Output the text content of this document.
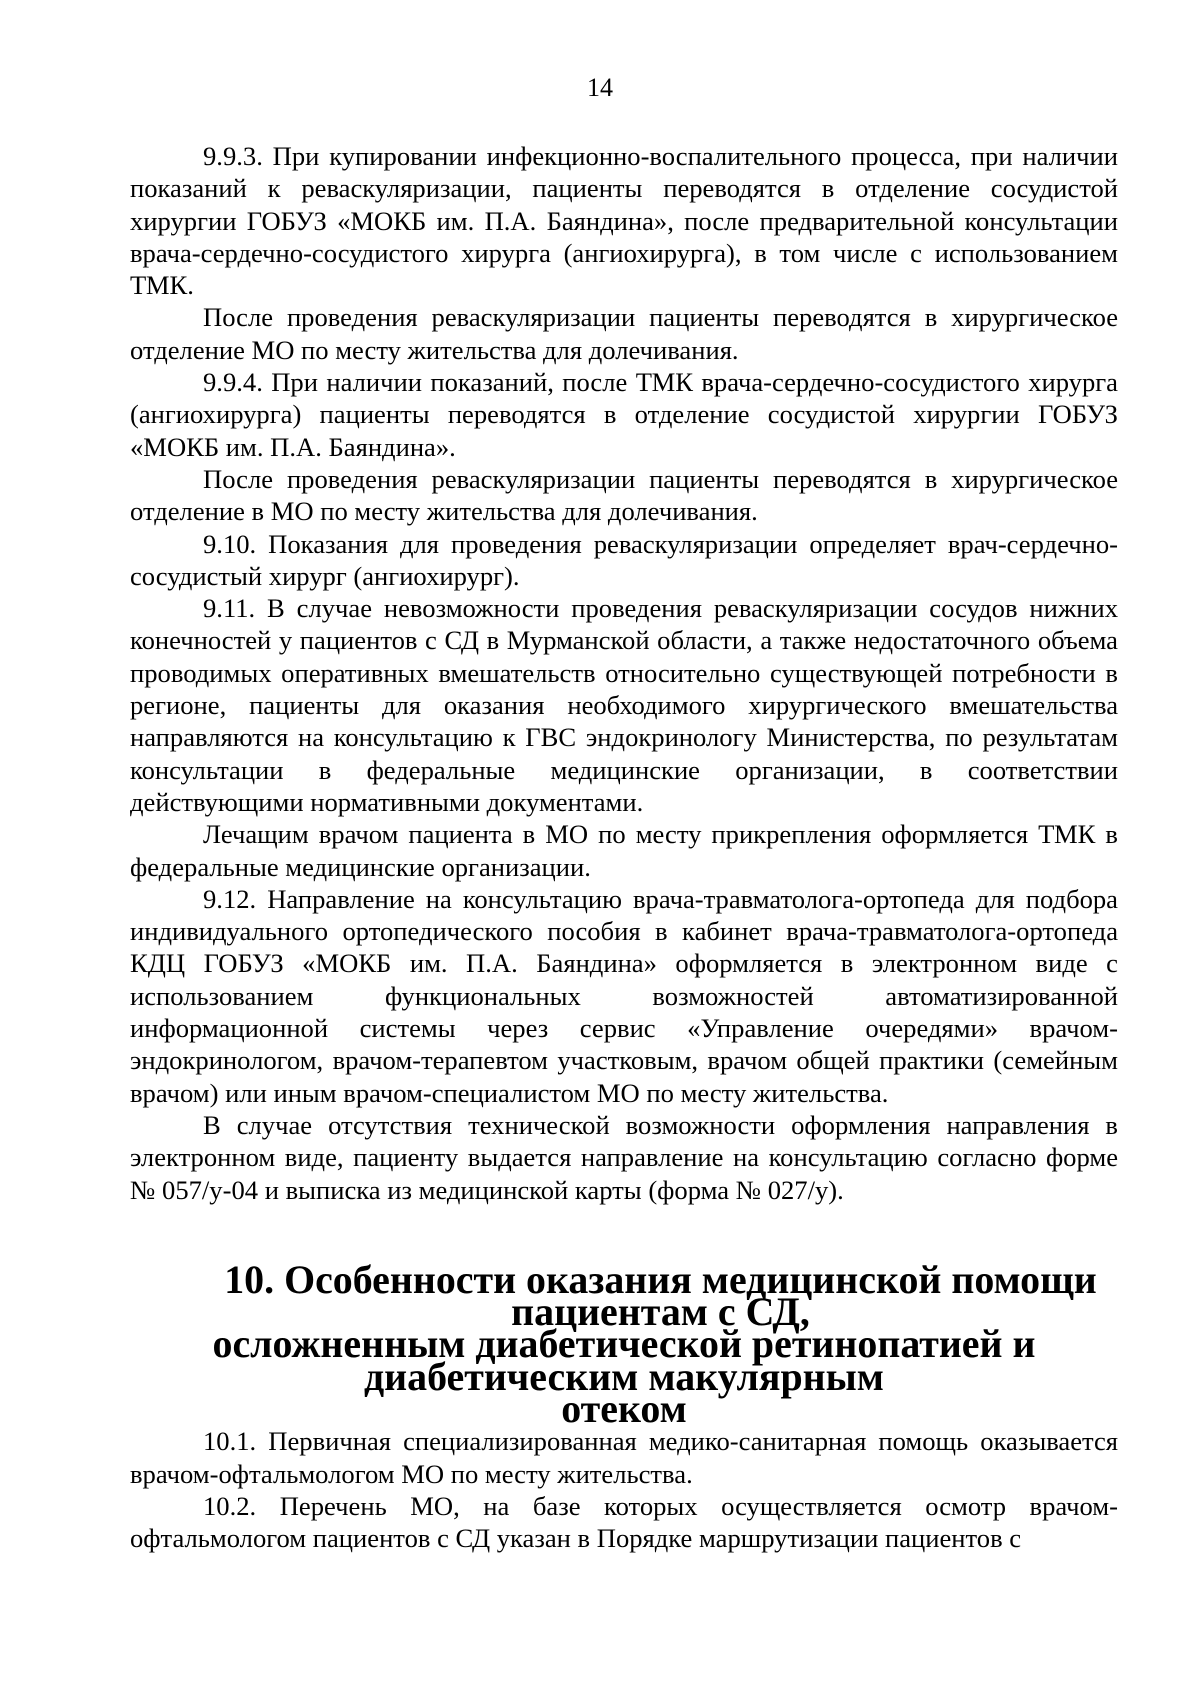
14

9.9.3. При купировании инфекционно-воспалительного процесса, при наличии показаний к реваскуляризации, пациенты переводятся в отделение сосудистой хирургии ГОБУЗ «МОКБ им. П.А. Баяндина», после предварительной консультации врача-сердечно-сосудистого хирурга (ангиохирурга), в том числе с использованием ТМК.

После проведения реваскуляризации пациенты переводятся в хирургическое отделение МО по месту жительства для долечивания.

9.9.4. При наличии показаний, после ТМК врача-сердечно-сосудистого хирурга (ангиохирурга) пациенты переводятся в отделение сосудистой хирургии ГОБУЗ «МОКБ им. П.А. Баяндина».

После проведения реваскуляризации пациенты переводятся в хирургическое отделение в МО по месту жительства для долечивания.

9.10. Показания для проведения реваскуляризации определяет врач-сердечно-сосудистый хирург (ангиохирург).

9.11. В случае невозможности проведения реваскуляризации сосудов нижних конечностей у пациентов с СД в Мурманской области, а также недостаточного объема проводимых оперативных вмешательств относительно существующей потребности в регионе, пациенты для оказания необходимого хирургического вмешательства направляются на консультацию к ГВС эндокринологу Министерства, по результатам консультации в федеральные медицинские организации, в соответствии действующими нормативными документами.

Лечащим врачом пациента в МО по месту прикрепления оформляется ТМК в федеральные медицинские организации.

9.12. Направление на консультацию врача-травматолога-ортопеда для подбора индивидуального ортопедического пособия в кабинет врача-травматолога-ортопеда КДЦ ГОБУЗ «МОКБ им. П.А. Баяндина» оформляется в электронном виде с использованием функциональных возможностей автоматизированной информационной системы через сервис «Управление очередями» врачом- эндокринологом, врачом-терапевтом участковым, врачом общей практики (семейным врачом) или иным врачом-специалистом МО по месту жительства.

В случае отсутствия технической возможности оформления направления в электронном виде, пациенту выдается направление на консультацию согласно форме № 057/у-04 и выписка из медицинской карты (форма № 027/у).

10. Особенности оказания медицинской помощи пациентам с СД,
осложненным диабетической ретинопатией и диабетическим макулярным
отеком

10.1. Первичная специализированная медико-санитарная помощь оказывается врачом-офтальмологом МО по месту жительства.

10.2. Перечень МО, на базе которых осуществляется осмотр врачом-офтальмологом пациентов с СД указан в Порядке маршрутизации пациентов с
